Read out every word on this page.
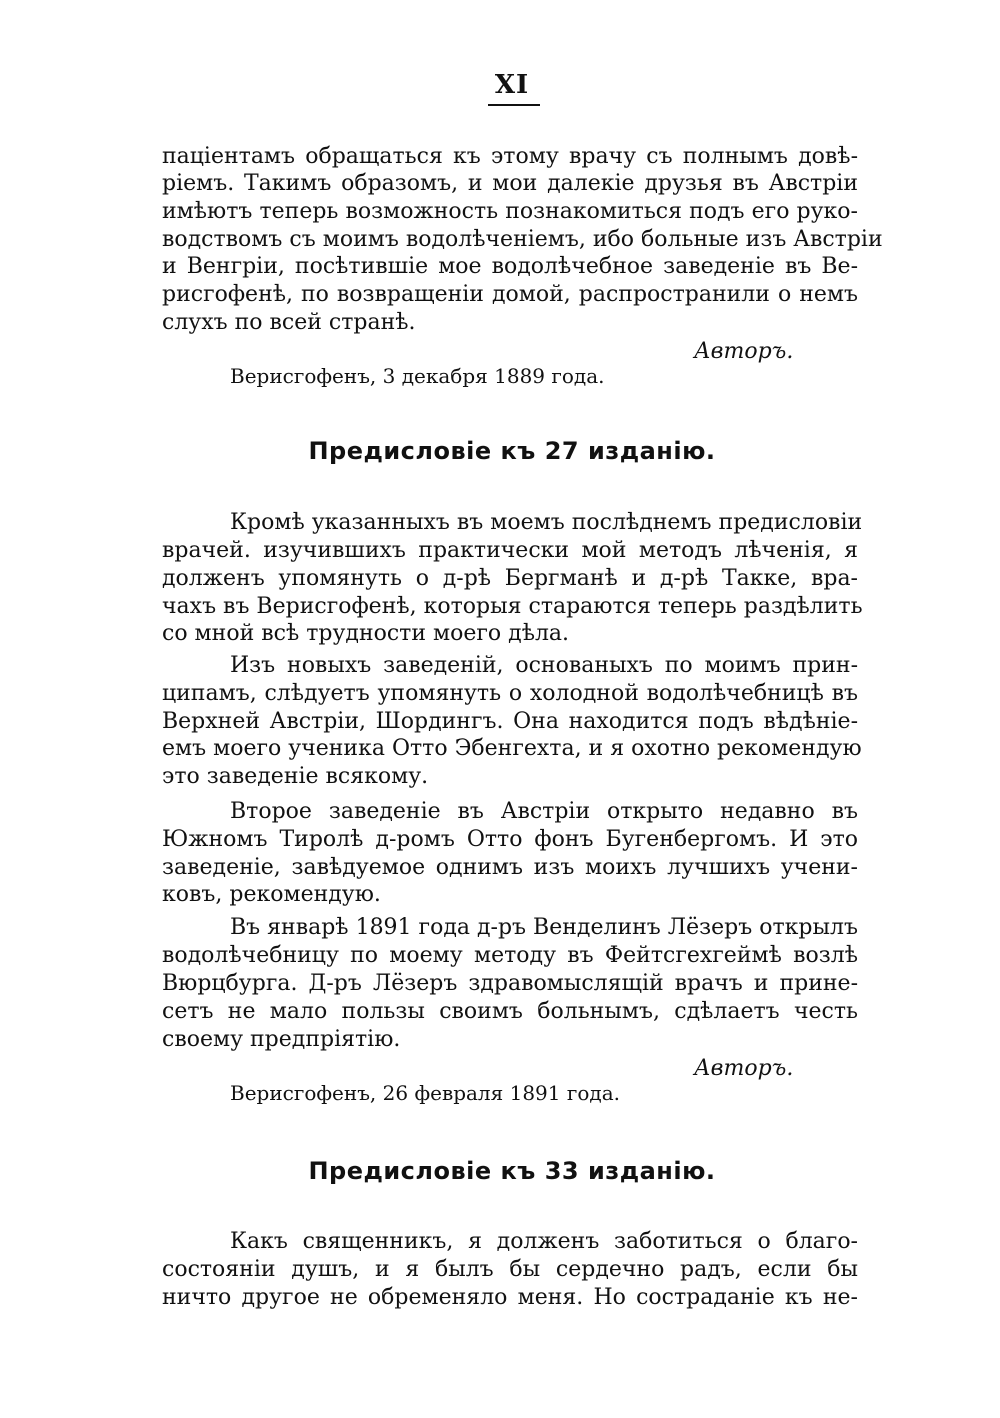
XI
паціентамъ обращаться къ этому врачу съ полнымъ довѣ-
ріемъ. Такимъ образомъ, и мои далекіе друзья въ Австріи
имѣютъ теперь возможность познакомиться подъ его руко-
водствомъ съ моимъ водолѣченіемъ, ибо больные изъ Австріи
и Венгріи, посѣтившіе мое водолѣчебное заведеніе въ Ве-
рисгофенѣ, по возвращеніи домой, распространили о немъ
слухъ по всей странѣ.
Авторъ.
Верисгофенъ, 3 декабря 1889 года.
Предисловіе къ 27 изданію.
Кромѣ указанныхъ въ моемъ послѣднемъ предисловіи
врачей. изучившихъ практически мой методъ лѣченія, я
долженъ упомянуть о д-рѣ Бергманѣ и д-рѣ Такке, вра-
чахъ въ Верисгофенѣ, которыя стараются теперь раздѣлить
со мной всѣ трудности моего дѣла.
Изъ новыхъ заведеній, основаныхъ по моимъ прин-
ципамъ, слѣдуетъ упомянуть о холодной водолѣчебницѣ въ
Верхней Австріи, Шордингъ. Она находится подъ вѣдѣніе-
емъ моего ученика Отто Эбенгехта, и я охотно рекомендую
это заведеніе всякому.
Второе заведеніе въ Австріи открыто недавно въ
Южномъ Тиролѣ д-ромъ Отто фонъ Бугенбергомъ. И это
заведеніе, завѣдуемое однимъ изъ моихъ лучшихъ учени-
ковъ, рекомендую.
Въ январѣ 1891 года д-ръ Венделинъ Лёзеръ открылъ
водолѣчебницу по моему методу въ Фейтсгехгеймѣ возлѣ
Вюрцбурга. Д-ръ Лёзеръ здравомыслящій врачъ и прине-
сетъ не мало пользы своимъ больнымъ, сдѣлаетъ честь
своему предпріятію.
Авторъ.
Верисгофенъ, 26 февраля 1891 года.
Предисловіе къ 33 изданію.
Какъ священникъ, я долженъ заботиться о благо-
состояніи душъ, и я былъ бы сердечно радъ, если бы
ничто другое не обременяло меня. Но состраданіе къ не-
